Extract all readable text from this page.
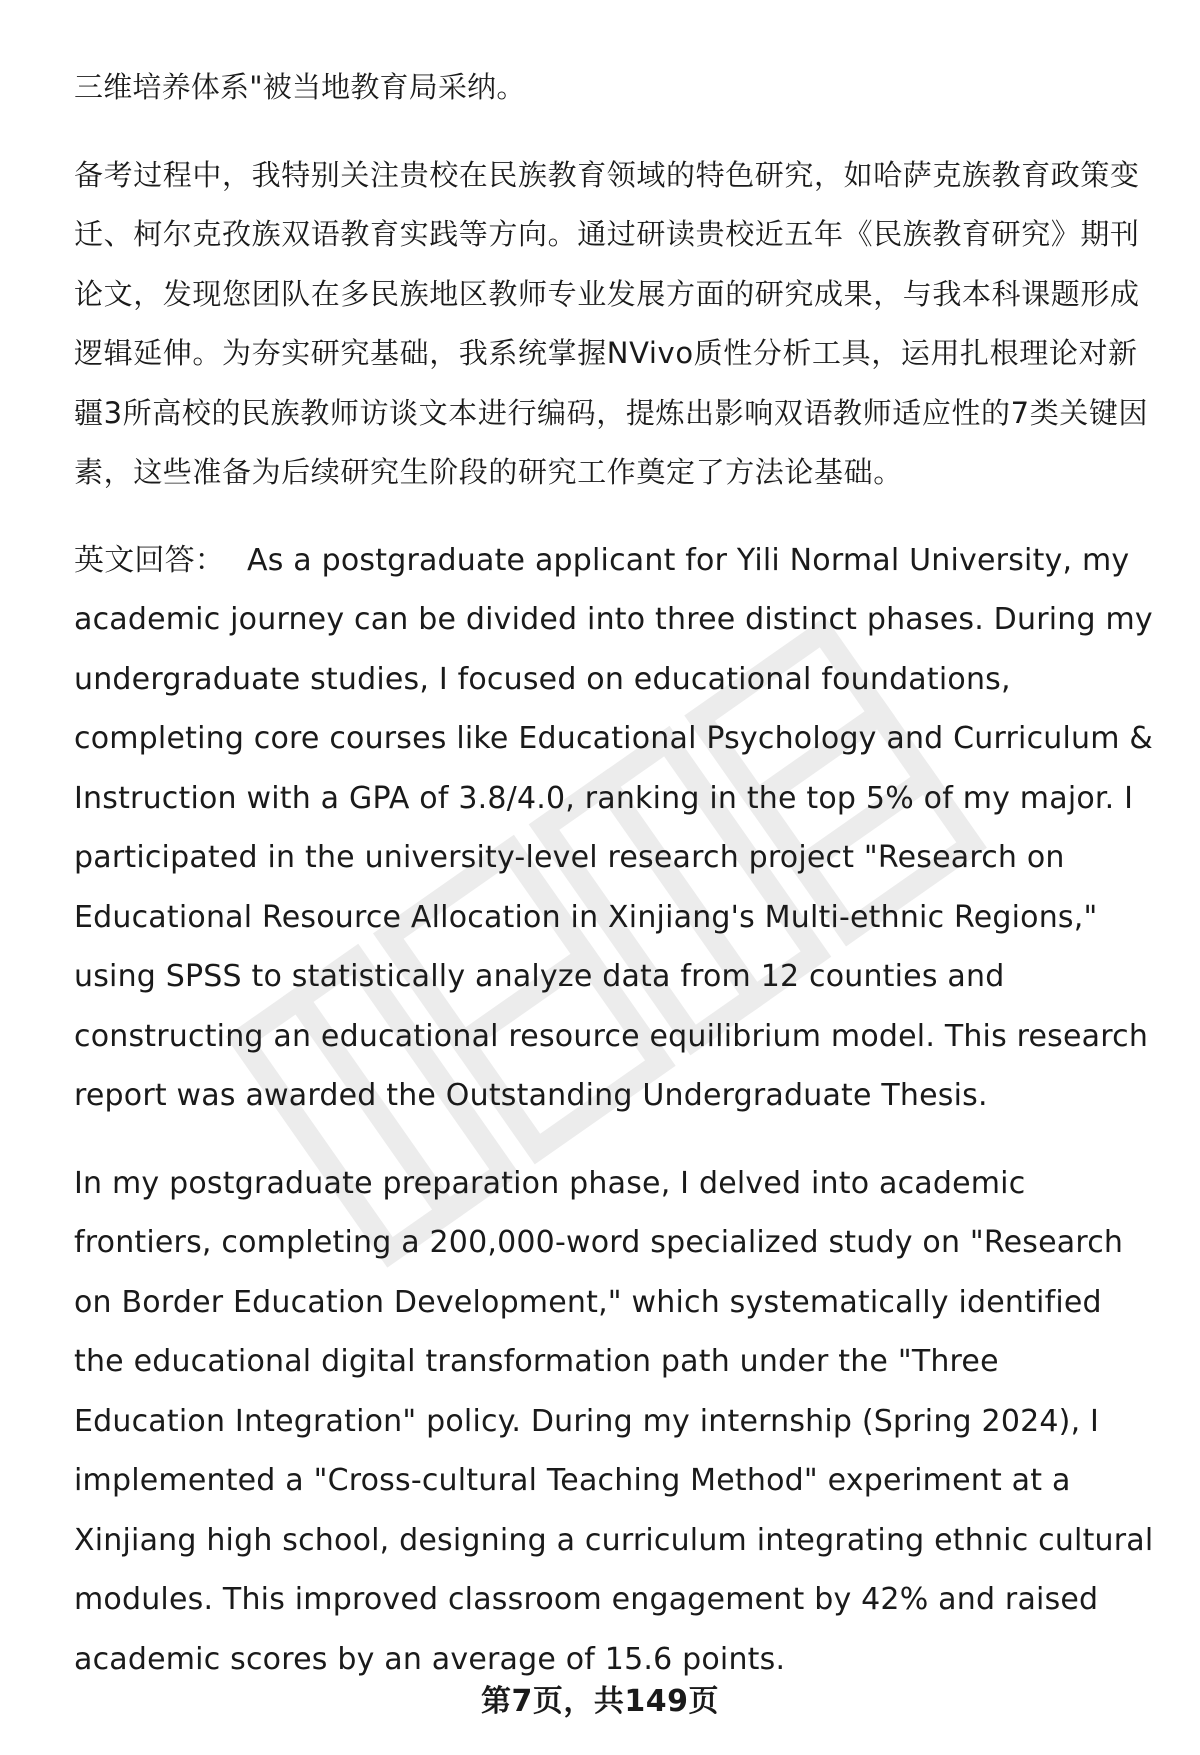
三维培养体系"被当地教育局采纳。

备考过程中，我特别关注贵校在民族教育领域的特色研究，如哈萨克族教育政策变迁、柯尔克孜族双语教育实践等方向。通过研读贵校近五年《民族教育研究》期刊论文，发现您团队在多民族地区教师专业发展方面的研究成果，与我本科课题形成逻辑延伸。为夯实研究基础，我系统掌握NVivo质性分析工具，运用扎根理论对新疆3所高校的民族教师访谈文本进行编码，提炼出影响双语教师适应性的7类关键因素，这些准备为后续研究生阶段的研究工作奠定了方法论基础。

英文回答： As a postgraduate applicant for Yili Normal University, my academic journey can be divided into three distinct phases. During my undergraduate studies, I focused on educational foundations, completing core courses like Educational Psychology and Curriculum & Instruction with a GPA of 3.8/4.0, ranking in the top 5% of my major. I participated in the university-level research project "Research on Educational Resource Allocation in Xinjiang's Multi-ethnic Regions," using SPSS to statistically analyze data from 12 counties and constructing an educational resource equilibrium model. This research report was awarded the Outstanding Undergraduate Thesis.

In my postgraduate preparation phase, I delved into academic frontiers, completing a 200,000-word specialized study on "Research on Border Education Development," which systematically identified the educational digital transformation path under the "Three Education Integration" policy. During my internship (Spring 2024), I implemented a "Cross-cultural Teaching Method" experiment at a Xinjiang high school, designing a curriculum integrating ethnic cultural modules. This improved classroom engagement by 42% and raised academic scores by an average of 15.6 points.

第7页，共149页
